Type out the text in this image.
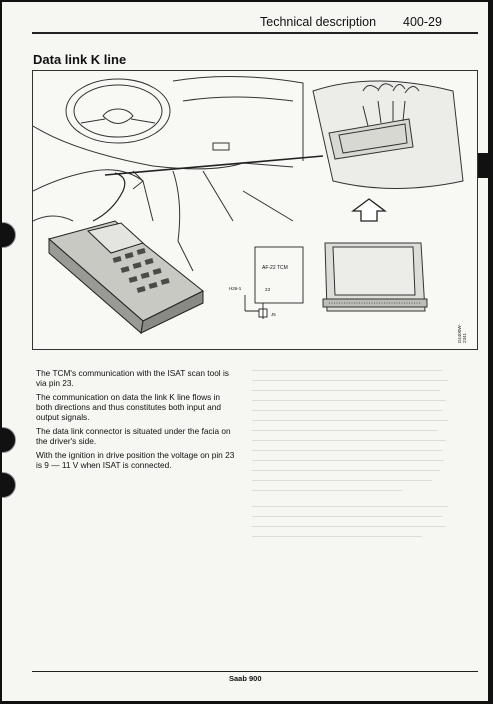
Technical description 400-29
Data link K line
AF-22 TCM
H26-1	23
J5
D4400W-2341

The TCM's communication with the ISAT scan tool is via pin 23.

The communication on data the link K line flows in both directions and thus constitutes both input and output signals.

The data link connector is situated under the facia on the driver's side.

With the ignition in drive position the voltage on pin 23 is 9 — 11 V when ISAT is connected.

Saab 900
